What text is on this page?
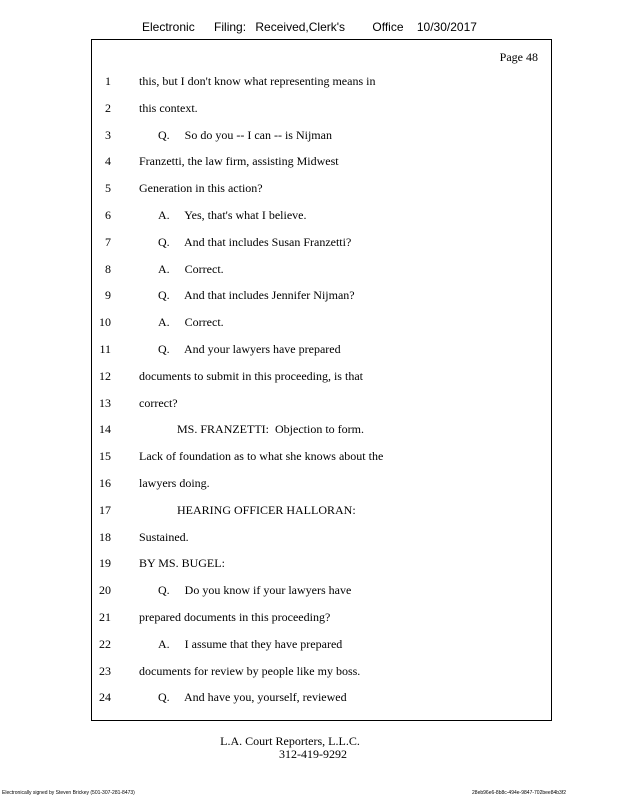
Electronic Filing: Received,Clerk's Office 10/30/2017
Page 48
1 this, but I don't know what representing means in
2 this context.
3	Q.     So do you -- I can -- is Nijman
4 Franzetti, the law firm, assisting Midwest
5 Generation in this action?
6	A.     Yes, that's what I believe.
7	Q.     And that includes Susan Franzetti?
8	A.     Correct.
9	Q.     And that includes Jennifer Nijman?
10	A.     Correct.
11	Q.     And your lawyers have prepared
12 documents to submit in this proceeding, is that
13 correct?
14	MS. FRANZETTI:  Objection to form.
15 Lack of foundation as to what she knows about the
16 lawyers doing.
17	HEARING OFFICER HALLORAN:
18 Sustained.
19 BY MS. BUGEL:
20	Q.     Do you know if your lawyers have
21 prepared documents in this proceeding?
22	A.     I assume that they have prepared
23 documents for review by people like my boss.
24	Q.     And have you, yourself, reviewed
L.A. Court Reporters, L.L.C.
312-419-9292
Electronically signed by Steven Brickey (501-307-281-8473)	28eb96e6-8b8c-494e-9847-702bee84b3f2
